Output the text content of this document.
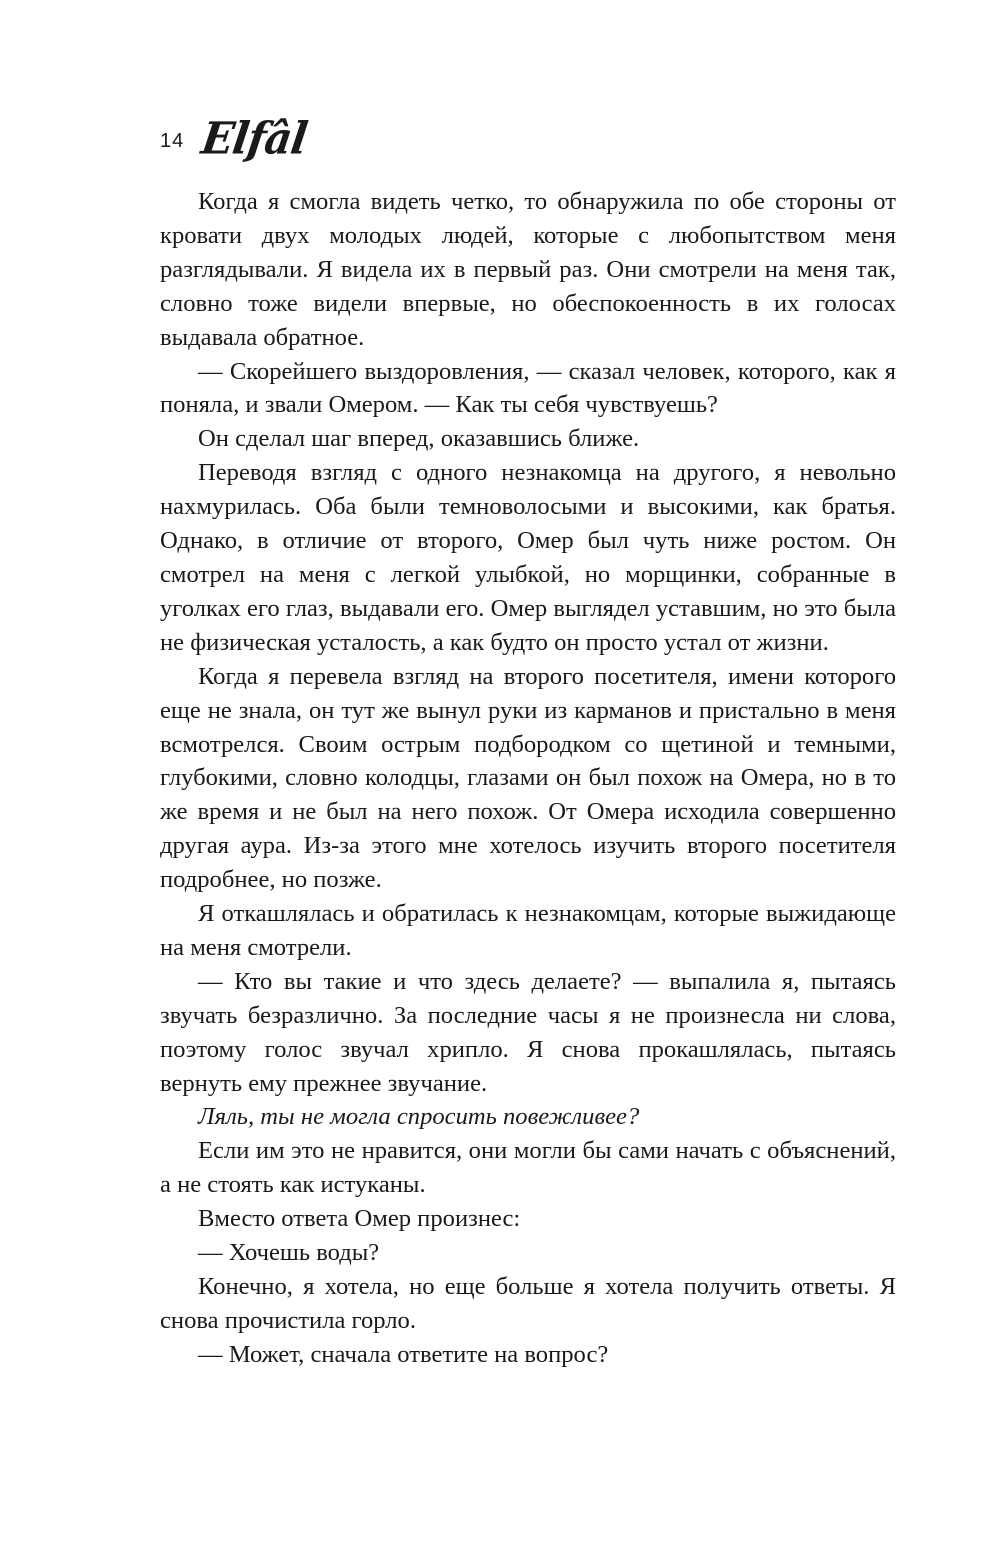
14 Elfâl

Когда я смогла видеть четко, то обнаружила по обе стороны от кровати двух молодых людей, которые с любопытством меня разглядывали. Я видела их в первый раз. Они смотрели на меня так, словно тоже видели впервые, но обеспокоенность в их голосах выдавала обратное.

— Скорейшего выздоровления, — сказал человек, которого, как я поняла, и звали Омером. — Как ты себя чувствуешь?

Он сделал шаг вперед, оказавшись ближе.

Переводя взгляд с одного незнакомца на другого, я невольно нахмурилась. Оба были темноволосыми и высокими, как братья. Однако, в отличие от второго, Омер был чуть ниже ростом. Он смотрел на меня с легкой улыбкой, но морщинки, собранные в уголках его глаз, выдавали его. Омер выглядел уставшим, но это была не физическая усталость, а как будто он просто устал от жизни.

Когда я перевела взгляд на второго посетителя, имени которого еще не знала, он тут же вынул руки из карманов и пристально в меня всмотрелся. Своим острым подбородком со щетиной и темными, глубокими, словно колодцы, глазами он был похож на Омера, но в то же время и не был на него похож. От Омера исходила совершенно другая аура. Из-за этого мне хотелось изучить второго посетителя подробнее, но позже.

Я откашлялась и обратилась к незнакомцам, которые выжидающе на меня смотрели.

— Кто вы такие и что здесь делаете? — выпалила я, пытаясь звучать безразлично. За последние часы я не произнесла ни слова, поэтому голос звучал хрипло. Я снова прокашлялась, пытаясь вернуть ему прежнее звучание.

Ляль, ты не могла спросить повежливее?

Если им это не нравится, они могли бы сами начать с объяснений, а не стоять как истуканы.

Вместо ответа Омер произнес:

— Хочешь воды?

Конечно, я хотела, но еще больше я хотела получить ответы. Я снова прочистила горло.

— Может, сначала ответите на вопрос?
